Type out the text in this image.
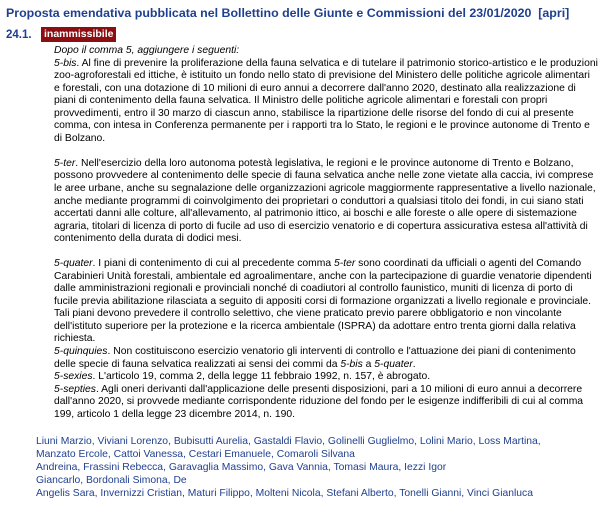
Proposta emendativa pubblicata nel Bollettino delle Giunte e Commissioni del 23/01/2020 [apri]
24.1.	inammissibile

Dopo il comma 5, aggiungere i seguenti:

5-bis. Al fine di prevenire la proliferazione della fauna selvatica e di tutelare il patrimonio storico-artistico e le produzioni zoo-agroforestali ed ittiche, è istituito un fondo nello stato di previsione del Ministero delle politiche agricole alimentari e forestali, con una dotazione di 10 milioni di euro annui a decorrere dall'anno 2020, destinato alla realizzazione di piani di contenimento della fauna selvatica. Il Ministro delle politiche agricole alimentari e forestali con propri provvedimenti, entro il 30 marzo di ciascun anno, stabilisce la ripartizione delle risorse del fondo di cui al presente comma, con intesa in Conferenza permanente per i rapporti tra lo Stato, le regioni e le province autonome di Trento e di Bolzano.

5-ter. Nell'esercizio della loro autonoma potestà legislativa, le regioni e le province autonome di Trento e Bolzano, possono provvedere al contenimento delle specie di fauna selvatica anche nelle zone vietate alla caccia, ivi comprese le aree urbane, anche su segnalazione delle organizzazioni agricole maggiormente rappresentative a livello nazionale, anche mediante programmi di coinvolgimento dei proprietari o conduttori a qualsiasi titolo dei fondi, in cui siano stati accertati danni alle colture, all'allevamento, al patrimonio ittico, ai boschi e alle foreste o alle opere di sistemazione agraria, titolari di licenza di porto di fucile ad uso di esercizio venatorio e di copertura assicurativa estesa all'attività di contenimento della durata di dodici mesi.

5-quater. I piani di contenimento di cui al precedente comma 5-ter sono coordinati da ufficiali o agenti del Comando Carabinieri Unità forestali, ambientale ed agroalimentare, anche con la partecipazione di guardie venatorie dipendenti dalle amministrazioni regionali e provinciali nonché di coadiutori al controllo faunistico, muniti di licenza di porto di fucile previa abilitazione rilasciata a seguito di appositi corsi di formazione organizzati a livello regionale e provinciale. Tali piani devono prevedere il controllo selettivo, che viene praticato previo parere obbligatorio e non vincolante dell'istituto superiore per la protezione e la ricerca ambientale (ISPRA) da adottare entro trenta giorni dalla relativa richiesta.

5-quinquies. Non costituiscono esercizio venatorio gli interventi di controllo e l'attuazione dei piani di contenimento delle specie di fauna selvatica realizzati ai sensi dei commi da 5-bis a 5-quater.

5-sexies. L'articolo 19, comma 2, della legge 11 febbraio 1992, n. 157, è abrogato.

5-septies. Agli oneri derivanti dall'applicazione delle presenti disposizioni, pari a 10 milioni di euro annui a decorrere dall'anno 2020, si provvede mediante corrispondente riduzione del fondo per le esigenze indifferibili di cui al comma 199, articolo 1 della legge 23 dicembre 2014, n. 190.

Liuni Marzio, Viviani Lorenzo, Bubisutti Aurelia, Gastaldi Flavio, Golinelli Guglielmo, Lolini Mario, Loss Martina, Manzato Ercole, Cattoi Vanessa, Cestari Emanuele, Comaroli Silvana
Andreina, Frassini Rebecca, Garavaglia Massimo, Gava Vannia, Tomasi Maura, Iezzi Igor
Giancarlo, Bordonali Simona, De
Angelis Sara, Invernizzi Cristian, Maturi Filippo, Molteni Nicola, Stefani Alberto, Tonelli Gianni, Vinci Gianluca
